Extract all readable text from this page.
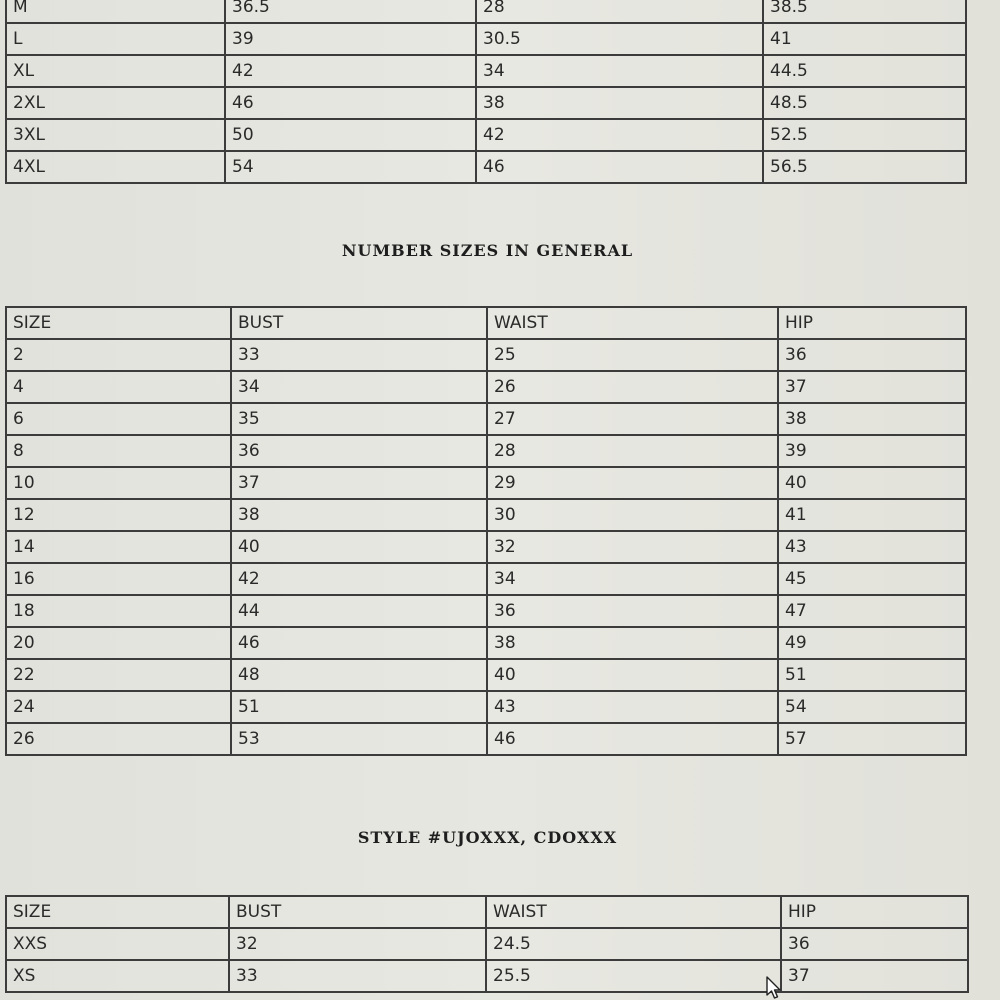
M	36.5	28	38.5
L	39	30.5	41
XL	42	34	44.5
2XL	46	38	48.5
3XL	50	42	52.5
4XL	54	46	56.5
NUMBER SIZES IN GENERAL
SIZE	BUST	WAIST	HIP
2	33	25	36
4	34	26	37
6	35	27	38
8	36	28	39
10	37	29	40
12	38	30	41
14	40	32	43
16	42	34	45
18	44	36	47
20	46	38	49
22	48	40	51
24	51	43	54
26	53	46	57
STYLE #UJOXXX, CDOXXX
SIZE	BUST	WAIST	HIP
XXS	32	24.5	36
XS	33	25.5	37
